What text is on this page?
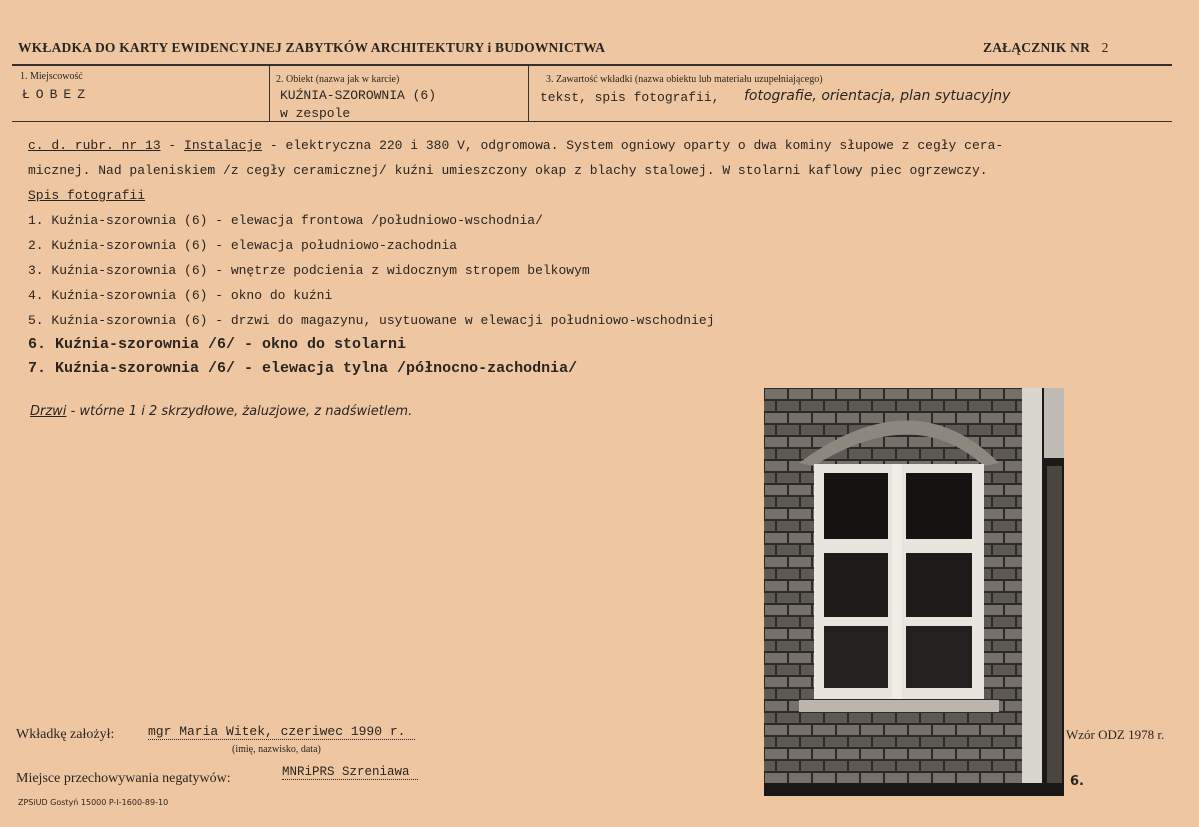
WKŁADKA DO KARTY EWIDENCYJNEJ ZABYTKÓW ARCHITEKTURY i BUDOWNICTWA	ZAŁĄCZNIK NR 2
1. Miejscowość
ŁOBEZ
2. Obiekt (nazwa jak w karcie)
KUŹNIA-SZOROWNIA (6)
w zespole
3. Zawartość wkładki (nazwa obiektu lub materiału uzupełniającego)
tekst, spis fotografii, fotografie, orientacja, plan sytuacyjny
c. d. rubr. nr 13 - Instalacje - elektryczna 220 i 380 V, odgromowa. System ogniowy oparty o dwa kominy słupowe z cegły cera-
micznej. Nad paleniskiem /z cegły ceramicznej/ kuźni umieszczony okap z blachy stalowej. W stolarni kaflowy piec ogrzewczy.
Spis fotografii
1. Kuźnia-szorownia (6) - elewacja frontowa /południowo-wschodnia/
2. Kuźnia-szorownia (6) - elewacja południowo-zachodnia
3. Kuźnia-szorownia (6) - wnętrze podcienia z widocznym stropem belkowym
4. Kuźnia-szorownia (6) - okno do kuźni
5. Kuźnia-szorownia (6) - drzwi do magazynu, usytuowane w elewacji południowo-wschodniej
6. Kuźnia-szorownia /6/ - okno do stolarni
7. Kuźnia-szorownia /6/ - elewacja tylna /północno-zachodnia/
Drzwi - wtórne 1 i 2 skrzydłowe, żaluzjowe, z nadświetlem.
Wkładkę założył:	mgr Maria Witek, czeriwec 1990 r.
(imię, nazwisko, data)
Miejsce przechowywania negatywów:	MNRiPRS Szreniawa
Wzór ODZ 1978 r.
6.
ZPSiUD Gostyń 15000 P-I-1600-89-10
